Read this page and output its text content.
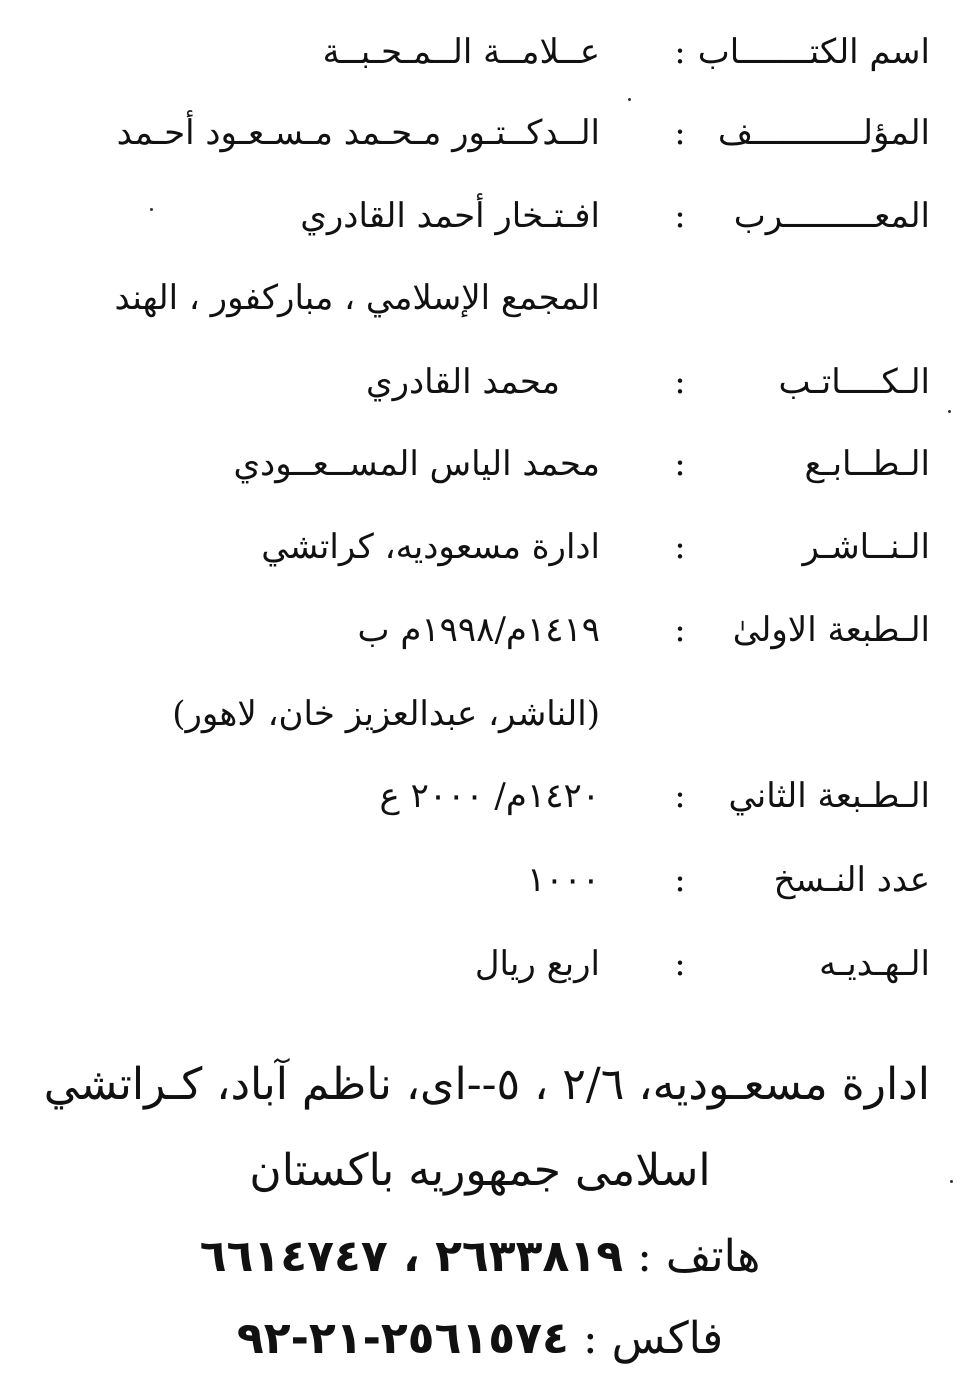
اسم الكتـــــــاب
:
عــلامــة الــمـحـبــة
المؤلـــــــــــف
:
الــدكــتـور مـحـمد مـسـعـود أحـمد
المعـــــــــرب
:
افـتـخار أحمد القادري
المجمع الإسلامي ، مباركفور ، الهند
الـكــــاتـب
:
محمد القادري
الـطــابـع
:
محمد الياس المســعــودي
الـنــاشـر
:
ادارة مسعوديه، كراتشي
الـطبعة الاولىٰ
:
١٤١٩م/١٩٩٨م ب
(الناشر، عبدالعزيز خان، لاهور)
الـطـبعة الثاني
:
١٤٢٠م/ ٢٠٠٠ ع
عدد النـسخ
:
١٠٠٠
الـهـديـه
:
اربع ريال
ادارة مسعـوديه، ٢/٦ ، ٥--اى، ناظم آباد، كـراتشي
اسلامى جمهوريه باكستان
هاتف : ٢٦٣٣٨١٩ ، ٦٦١٤٧٤٧
فاكس : ٢٥٦١٥٧٤-٢١-٩٢
